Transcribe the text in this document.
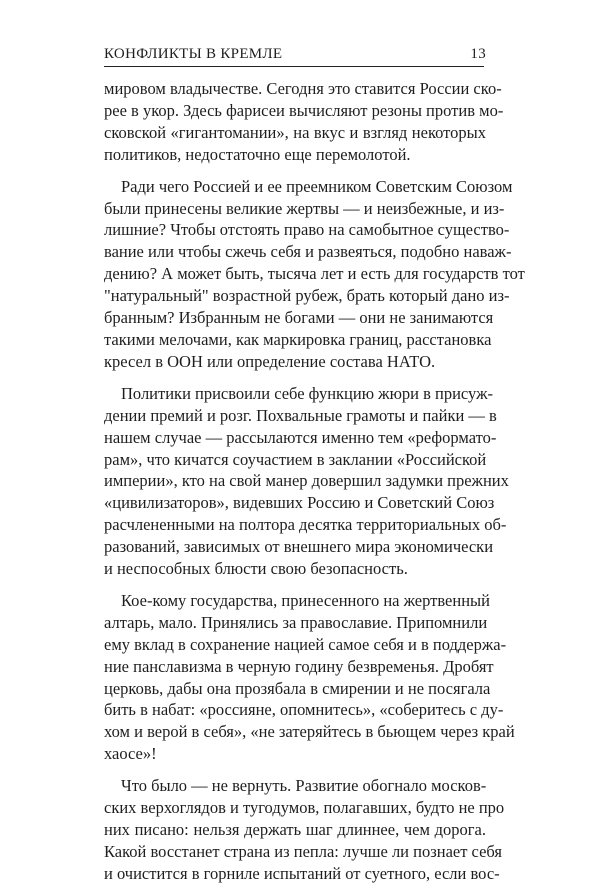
КОНФЛИКТЫ В КРЕМЛЕ	13
мировом владычестве. Сегодня это ставится России ско-
рее в укор. Здесь фарисеи вычисляют резоны против мо-
сковской «гигантомании», на вкус и взгляд некоторых
политиков, недостаточно еще перемолотой.
Ради чего Россией и ее преемником Советским Союзом
были принесены великие жертвы — и неизбежные, и из-
лишние? Чтобы отстоять право на самобытное существо-
вание или чтобы сжечь себя и развеяться, подобно наваж-
дению? А может быть, тысяча лет и есть для государств тот
"натуральный" возрастной рубеж, брать который дано из-
бранным? Избранным не богами — они не занимаются
такими мелочами, как маркировка границ, расстановка
кресел в ООН или определение состава НАТО.
Политики присвоили себе функцию жюри в присуж-
дении премий и розг. Похвальные грамоты и пайки — в
нашем случае — рассылаются именно тем «реформато-
рам», что кичатся соучастием в заклании «Российской
империи», кто на свой манер довершил задумки прежних
«цивилизаторов», видевших Россию и Советский Союз
расчлененными на полтора десятка территориальных об-
разований, зависимых от внешнего мира экономически
и неспособных блюсти свою безопасность.
Кое-кому государства, принесенного на жертвенный
алтарь, мало. Принялись за православие. Припомнили
ему вклад в сохранение нацией самое себя и в поддержа-
ние панславизма в черную годину безвременья. Дробят
церковь, дабы она прозябала в смирении и не посягала
бить в набат: «россияне, опомнитесь», «соберитесь с ду-
хом и верой в себя», «не затеряйтесь в бьющем через край
хаосе»!
Что было — не вернуть. Развитие обогнало москов-
ских верхоглядов и тугодумов, полагавших, будто не про
них писано: нельзя держать шаг длиннее, чем дорога.
Какой восстанет страна из пепла: лучше ли познает себя
и очистится в горниле испытаний от суетного, если вос-
